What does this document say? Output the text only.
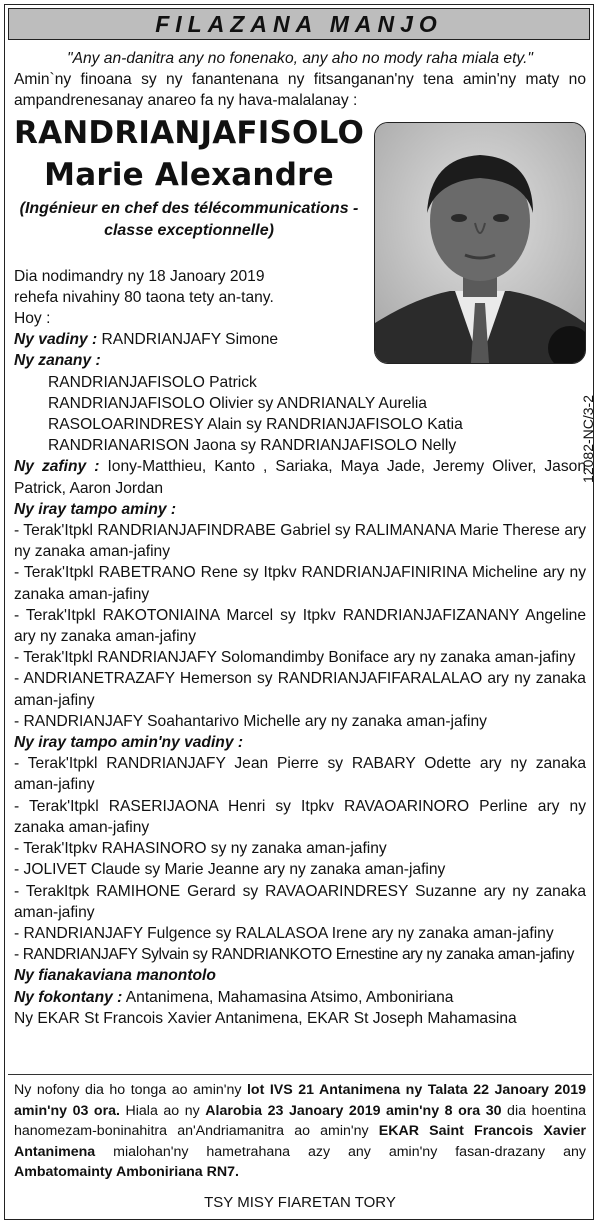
FILAZANA MANJO
12082-NC/3-2
"Any an-danitra any no fonenako, any aho no mody raha miala ety."
Amin`ny finoana sy ny fanantenana ny fitsanganan'ny tena amin'ny maty no ampandrenesanay anareo fa ny hava-malalanay :
RANDRIANJAFISOLO
Marie Alexandre
(Ingénieur en chef des télécommunications - classe exceptionnelle)
Dia nodimandry ny 18 Janoary 2019
rehefa nivahiny 80 taona tety an-tany.
Hoy :
Ny vadiny : RANDRIANJAFY Simone
Ny zanany :
RANDRIANJAFISOLO Patrick
RANDRIANJAFISOLO Olivier sy ANDRIANALY Aurelia
RASOLOARINDRESY Alain sy RANDRIANJAFISOLO Katia
RANDRIANARISON Jaona sy RANDRIANJAFISOLO Nelly
Ny zafiny : Iony-Matthieu, Kanto , Sariaka, Maya Jade, Jeremy Oliver, Jason Patrick, Aaron Jordan
Ny iray tampo aminy :
- Terak'Itpkl RANDRIANJAFINDRABE Gabriel sy RALIMANANA Marie Therese ary ny zanaka aman-jafiny
- Terak'Itpkl RABETRANO Rene sy Itpkv RANDRIANJAFINIRINA Micheline ary ny zanaka aman-jafiny
- Terak'Itpkl RAKOTONIAINA Marcel sy Itpkv RANDRIANJAFIZANANY Angeline ary ny zanaka aman-jafiny
- Terak'Itpkl RANDRIANJAFY Solomandimby Boniface ary ny zanaka aman-jafiny
- ANDRIANETRAZAFY Hemerson sy RANDRIANJAFIFARALALAO ary ny zanaka aman-jafiny
- RANDRIANJAFY Soahantarivo Michelle ary ny zanaka aman-jafiny
Ny iray tampo amin'ny vadiny :
- Terak'Itpkl RANDRIANJAFY Jean Pierre sy RABARY Odette ary ny zanaka aman-jafiny
- Terak'Itpkl RASERIJAONA Henri sy Itpkv RAVAOARINORO Perline ary ny zanaka aman-jafiny
- Terak'Itpkv RAHASINORO sy ny zanaka aman-jafiny
- JOLIVET Claude sy Marie Jeanne ary ny zanaka aman-jafiny
- TerakItpk RAMIHONE Gerard sy RAVAOARINDRESY Suzanne ary ny zanaka aman-jafiny
- RANDRIANJAFY Fulgence sy RALALASOA Irene ary ny zanaka aman-jafiny
- RANDRIANJAFY Sylvain sy RANDRIANKOTO Ernestine ary ny zanaka aman-jafiny
Ny fianakaviana manontolo
Ny fokontany : Antanimena, Mahamasina Atsimo, Amboniriana
Ny EKAR St Francois Xavier Antanimena, EKAR St Joseph Mahamasina
Ny nofony dia ho tonga ao amin'ny lot IVS 21 Antanimena ny Talata 22 Janoary 2019 amin'ny 03 ora. Hiala ao ny Alarobia 23 Janoary 2019 amin'ny 8 ora 30 dia hoentina hanomezam-boninahitra an'Andriamanitra ao amin'ny EKAR Saint Francois Xavier Antanimena mialohan'ny hametrahana azy any amin'ny fasan-drazany any Ambatomainty Amboniriana RN7.
TSY MISY FIARETAN TORY
